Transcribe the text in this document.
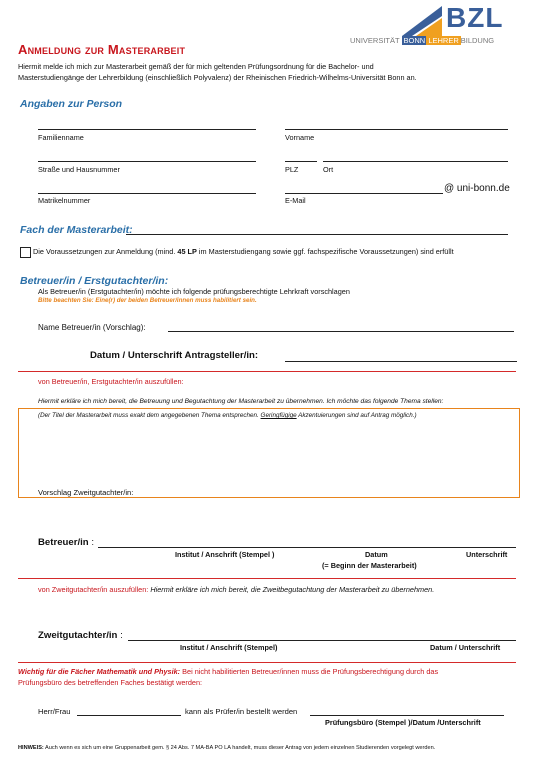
BZL
UNIVERSITÄT BONN LEHRER BILDUNG
Anmeldung zur Masterarbeit
Hiermit melde ich mich zur Masterarbeit gemäß der für mich geltenden Prüfungsordnung für die Bachelor- und
Masterstudiengänge der Lehrerbildung (einschließlich Polyvalenz) der Rheinischen Friedrich-Wilhelms-Universität Bonn an.
Angaben zur Person
Familienname	Vorname
Straße und Hausnummer	PLZ	Ort
Matrikelnummer
@ uni-bonn.de
E-Mail
Fach der Masterarbeit:
Die Voraussetzungen zur Anmeldung (mind. 45 LP im Masterstudiengang sowie ggf. fachspezifische Voraussetzungen) sind erfüllt
Betreuer/in / Erstgutachter/in:
Als Betreuer/in (Erstgutachter/in) möchte ich folgende prüfungsberechtigte Lehrkraft vorschlagen
Bitte beachten Sie: Eine(r) der beiden Betreuer/innen muss habilitiert sein.
Name Betreuer/in (Vorschlag):
Datum / Unterschrift Antragsteller/in:
von Betreuer/in, Erstgutachter/in auszufüllen:
Hiermit erkläre ich mich bereit, die Betreuung und Begutachtung der Masterarbeit zu übernehmen. Ich möchte das folgende Thema stellen:
(Der Titel der Masterarbeit muss exakt dem angegebenen Thema entsprechen. Geringfügige Akzentuierungen sind auf Antrag möglich.)
Vorschlag Zweitgutachter/in:
Betreuer/in :
Institut / Anschrift (Stempel )	Datum	Unterschrift
(= Beginn der Masterarbeit)
von Zweitgutachter/in auszufüllen: Hiermit erkläre ich mich bereit, die Zweitbegutachtung der Masterarbeit zu übernehmen.
Zweitgutachter/in :
Institut / Anschrift (Stempel)	Datum / Unterschrift
Wichtig für die Fächer Mathematik und Physik: Bei nicht habilitierten Betreuer/innen muss die Prüfungsberechtigung durch das
Prüfungsbüro des betreffenden Faches bestätigt werden:
Herr/Frau	kann als Prüfer/in bestellt werden
Prüfungsbüro (Stempel )/Datum /Unterschrift
HINWEIS: Auch wenn es sich um eine Gruppenarbeit gem. § 24 Abs. 7 MA-BA PO LA handelt, muss dieser Antrag von jedem einzelnen Studierenden vorgelegt werden.
